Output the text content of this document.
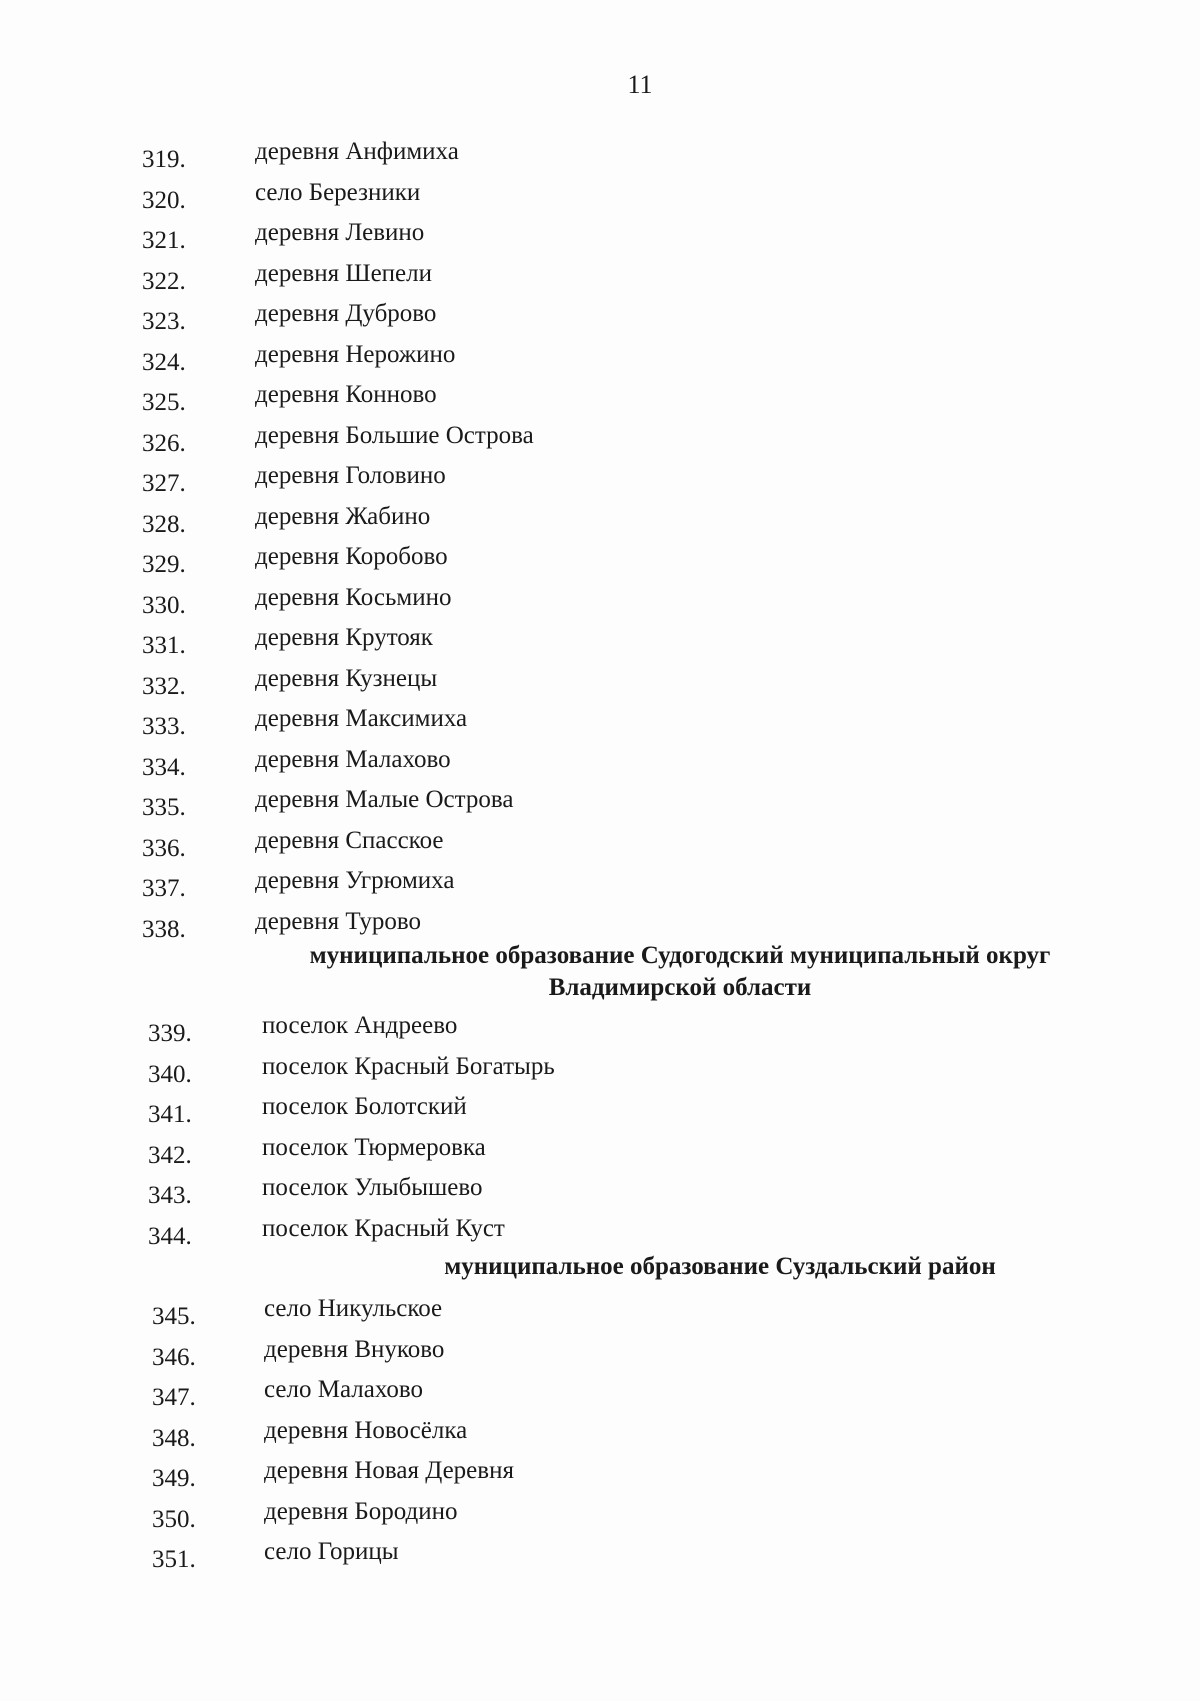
11
319.	деревня Анфимиха
320.	село Березники
321.	деревня Левино
322.	деревня Шепели
323.	деревня Дуброво
324.	деревня Нерожино
325.	деревня Конново
326.	деревня Большие Острова
327.	деревня Головино
328.	деревня Жабино
329.	деревня Коробово
330.	деревня Косьмино
331.	деревня Крутояк
332.	деревня Кузнецы
333.	деревня Максимиха
334.	деревня Малахово
335.	деревня Малые Острова
336.	деревня Спасское
337.	деревня Угрюмиха
338.	деревня Турово
муниципальное образование Судогодский муниципальный округ
Владимирской области
339.	поселок Андреево
340.	поселок Красный Богатырь
341.	поселок Болотский
342.	поселок Тюрмеровка
343.	поселок Улыбышево
344.	поселок Красный Куст
муниципальное образование Суздальский район
345.	село Никульское
346.	деревня Внуково
347.	село Малахово
348.	деревня Новосёлка
349.	деревня Новая Деревня
350.	деревня Бородино
351.	село Горицы
